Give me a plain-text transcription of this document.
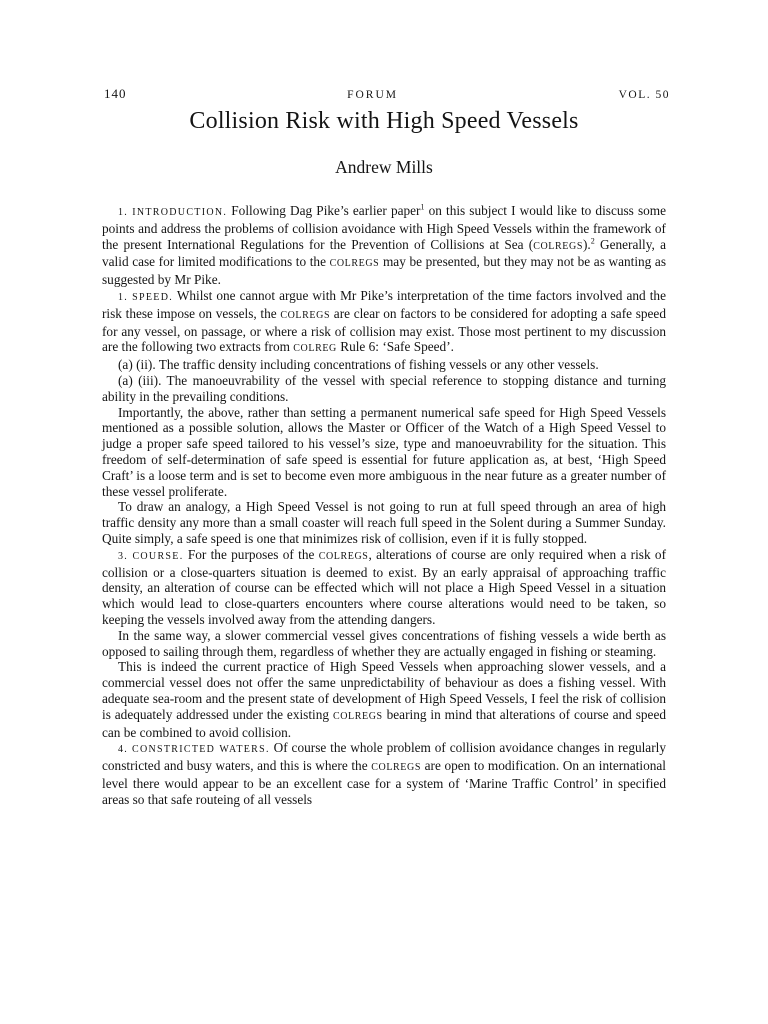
140	FORUM	VOL. 50
Collision Risk with High Speed Vessels
Andrew Mills

1. INTRODUCTION. Following Dag Pike’s earlier paper$^1$ on this subject I would like to discuss some points and address the problems of collision avoidance with High Speed Vessels within the framework of the present International Regulations for the Prevention of Collisions at Sea (COLREGS).$^2$ Generally, a valid case for limited modifications to the COLREGS may be presented, but they may not be as wanting as suggested by Mr Pike.

1. SPEED. Whilst one cannot argue with Mr Pike’s interpretation of the time factors involved and the risk these impose on vessels, the COLREGS are clear on factors to be considered for adopting a safe speed for any vessel, on passage, or where a risk of collision may exist. Those most pertinent to my discussion are the following two extracts from COLREG Rule 6: ‘Safe Speed’.

(a) (ii). The traffic density including concentrations of fishing vessels or any other vessels.

(a) (iii). The manoeuvrability of the vessel with special reference to stopping distance and turning ability in the prevailing conditions.

Importantly, the above, rather than setting a permanent numerical safe speed for High Speed Vessels mentioned as a possible solution, allows the Master or Officer of the Watch of a High Speed Vessel to judge a proper safe speed tailored to his vessel’s size, type and manoeuvrability for the situation. This freedom of self-determination of safe speed is essential for future application as, at best, ‘High Speed Craft’ is a loose term and is set to become even more ambiguous in the near future as a greater number of these vessel proliferate.

To draw an analogy, a High Speed Vessel is not going to run at full speed through an area of high traffic density any more than a small coaster will reach full speed in the Solent during a Summer Sunday. Quite simply, a safe speed is one that minimizes risk of collision, even if it is fully stopped.

3. COURSE. For the purposes of the COLREGS, alterations of course are only required when a risk of collision or a close-quarters situation is deemed to exist. By an early appraisal of approaching traffic density, an alteration of course can be effected which will not place a High Speed Vessel in a situation which would lead to close-quarters encounters where course alterations would need to be taken, so keeping the vessels involved away from the attending dangers.

In the same way, a slower commercial vessel gives concentrations of fishing vessels a wide berth as opposed to sailing through them, regardless of whether they are actually engaged in fishing or steaming.

This is indeed the current practice of High Speed Vessels when approaching slower vessels, and a commercial vessel does not offer the same unpredictability of behaviour as does a fishing vessel. With adequate sea-room and the present state of development of High Speed Vessels, I feel the risk of collision is adequately addressed under the existing COLREGS bearing in mind that alterations of course and speed can be combined to avoid collision.

4. CONSTRICTED WATERS. Of course the whole problem of collision avoidance changes in regularly constricted and busy waters, and this is where the COLREGS are open to modification. On an international level there would appear to be an excellent case for a system of ‘Marine Traffic Control’ in specified areas so that safe routeing of all vessels
